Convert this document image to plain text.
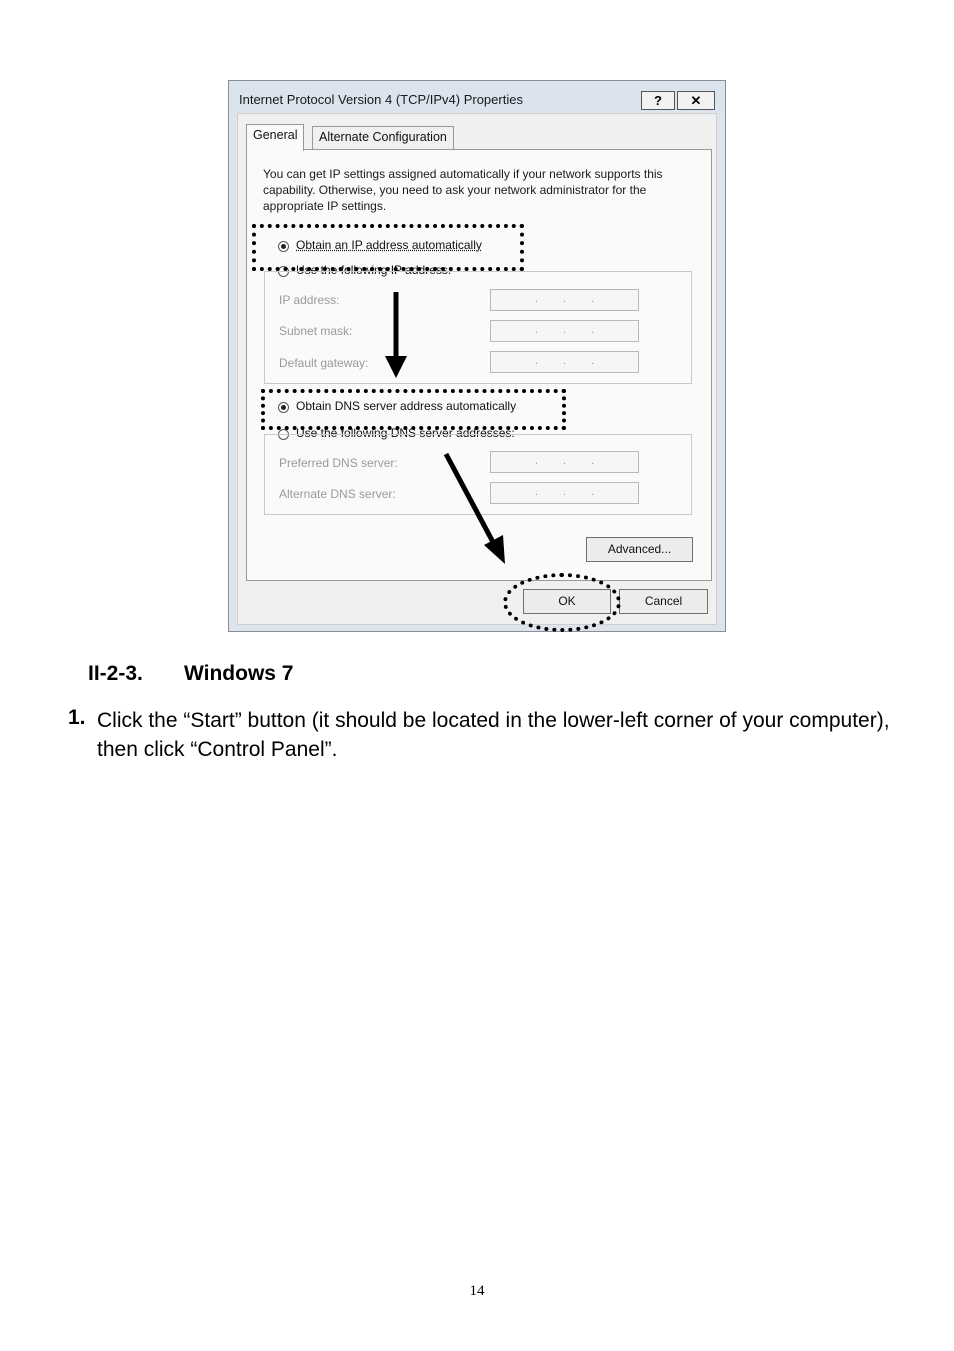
Internet Protocol Version 4 (TCP/IPv4) Properties	?	✕
General	Alternate Configuration
You can get IP settings assigned automatically if your network supports this capability. Otherwise, you need to ask your network administrator for the appropriate IP settings.
Obtain an IP address automatically
Use the following IP address:
IP address:	. . .
Subnet mask:	. . .
Default gateway:	. . .
Obtain DNS server address automatically
Use the following DNS server addresses:
Preferred DNS server:	. . .
Alternate DNS server:	. . .
Advanced...
OK	Cancel
II-2-3. Windows 7
1. Click the “Start” button (it should be located in the lower-left corner of your computer), then click “Control Panel”.
14
